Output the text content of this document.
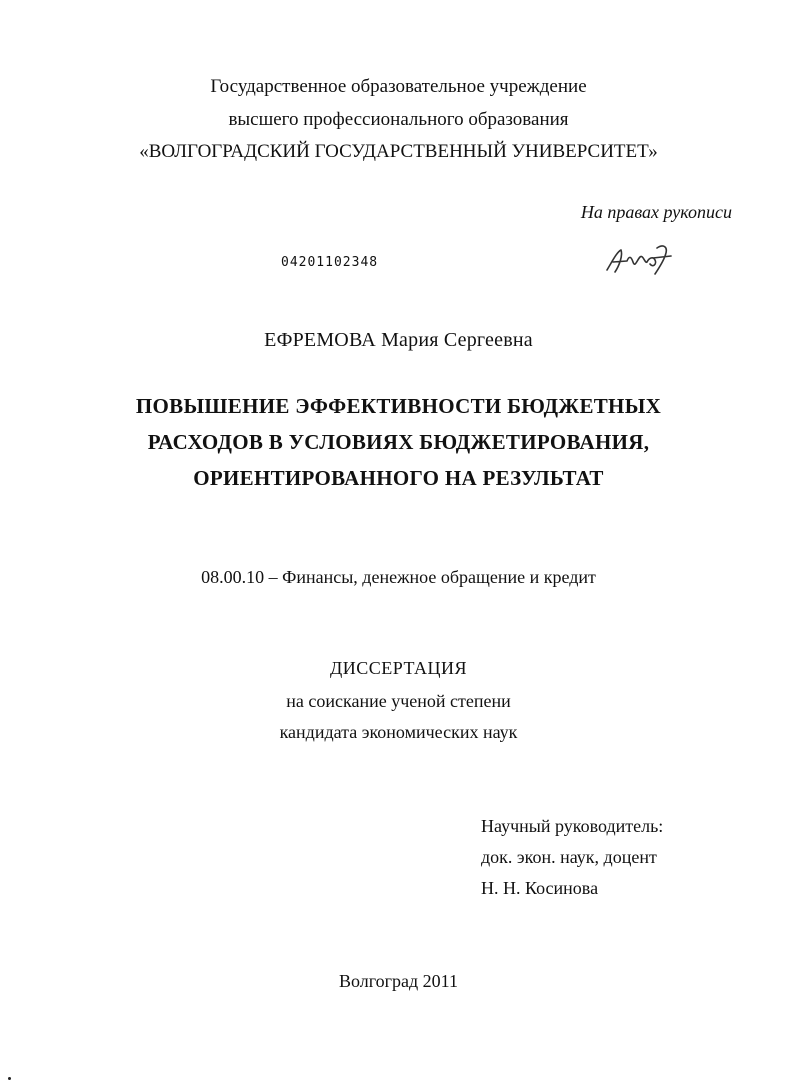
Государственное образовательное учреждение
высшего профессионального образования
«ВОЛГОГРАДСКИЙ ГОСУДАРСТВЕННЫЙ УНИВЕРСИТЕТ»
На правах рукописи
04201102348
ЕФРЕМОВА Мария Сергеевна
ПОВЫШЕНИЕ ЭФФЕКТИВНОСТИ БЮДЖЕТНЫХ
РАСХОДОВ В УСЛОВИЯХ БЮДЖЕТИРОВАНИЯ,
ОРИЕНТИРОВАННОГО НА РЕЗУЛЬТАТ
08.00.10 – Финансы, денежное обращение и кредит
ДИССЕРТАЦИЯ
на соискание ученой степени
кандидата экономических наук
Научный руководитель:
док. экон. наук, доцент
Н. Н. Косинова
Волгоград 2011
